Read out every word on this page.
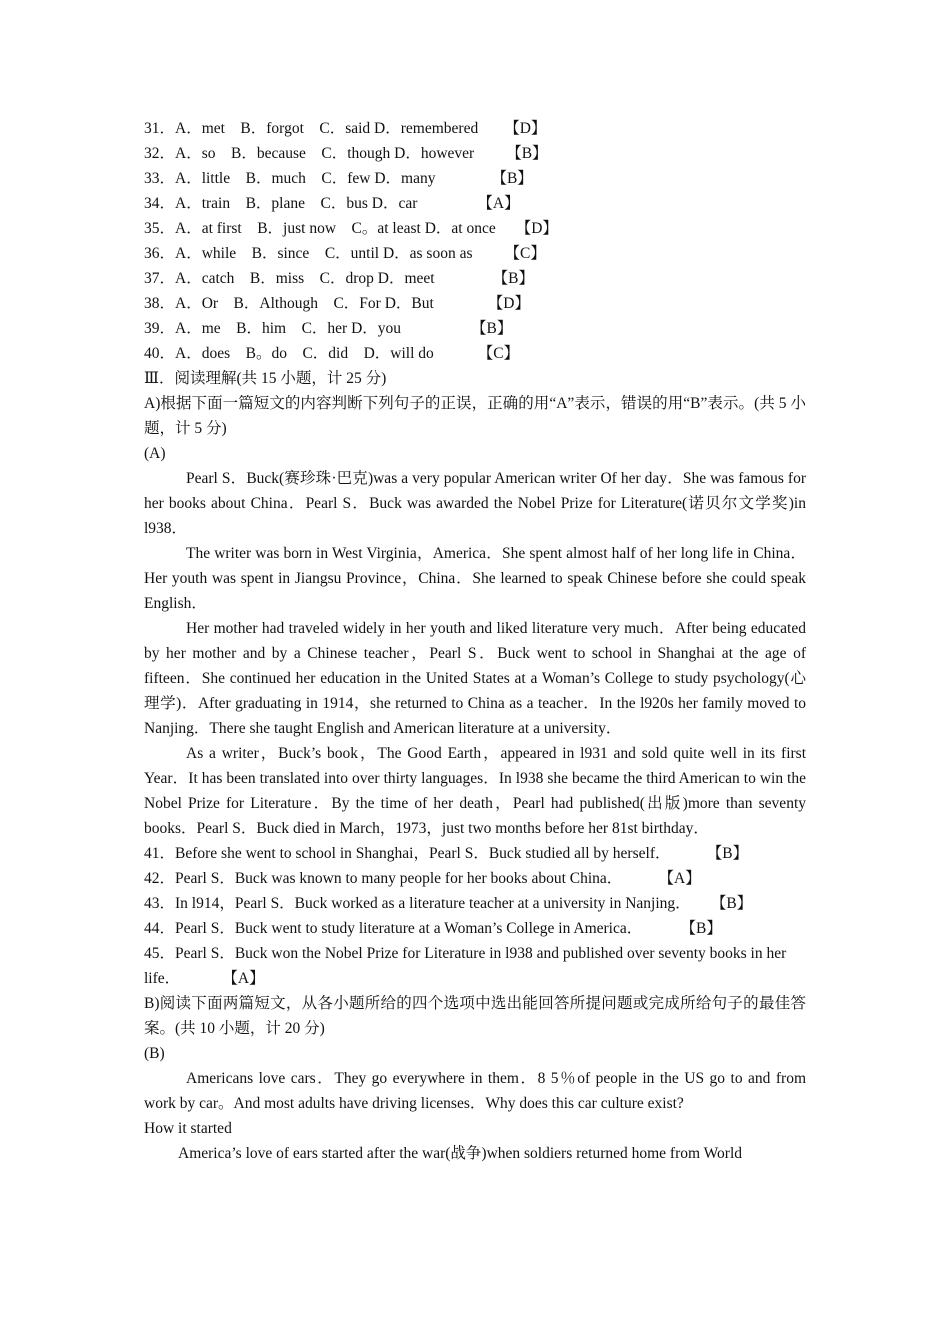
31．A．met    B．forgot    C．said D．remembered 【D】
32．A．so    B．because    C．though D．however 【B】
33．A．little    B．much    C．few D．many	【B】
34．A．train    B．plane    C．bus D．car	【A】
35．A．at first    B．just now    C。at least D．at once 【D】
36．A．while    B．since    C．until D．as soon as 【C】
37．A．catch    B．miss    C．drop D．meet	【B】
38．A．Or    B．Although    C．For D．But	【D】
39．A．me    B．him    C．her D．you	【B】
40．A．does    B。do    C．did    D．will do	【C】
Ⅲ．阅读理解(共 15 小题，计 25 分)

A)根据下面一篇短文的内容判断下列句子的正误，正确的用“A”表示，错误的用“B”表示。(共 5 小题，计 5 分)

(A)

Pearl S．Buck(赛珍珠·巴克)was a very popular American writer Of her day．She was famous for her books about China．Pearl S．Buck was awarded the Nobel Prize for Literature(诺贝尔文学奖)in l938．

The writer was born in West Virginia，America．She spent almost half of her long life in China．Her youth was spent in Jiangsu Province，China．She learned to speak Chinese before she could speak English．

Her mother had traveled widely in her youth and liked literature very much．After being educated by her mother and by a Chinese teacher，Pearl S．Buck went to school in Shanghai at the age of fifteen．She continued her education in the United States at a Woman’s College to study psychology(心理学)．After graduating in 1914，she returned to China as a teacher．In the l920s her family moved to Nanjing．There she taught English and American literature at a university．

As a writer，Buck’s book，The Good Earth，appeared in l931 and sold quite well in its first Year．It has been translated into over thirty languages．In l938 she became the third American to win the Nobel Prize for Literature．By the time of her death，Pearl had published(出版)more than seventy books．Pearl S．Buck died in March，1973，just two months before her 81st birthday．

41．Before she went to school in Shanghai，Pearl S．Buck studied all by herself．	【B】

42．Pearl S．Buck was known to many people for her books about China．	【A】

43．In l914，Pearl S．Buck worked as a literature teacher at a university in Nanjing． 【B】

44．Pearl S．Buck went to study literature at a Woman’s College in America．	【B】

45．Pearl S．Buck won the Nobel Prize for Literature in l938 and published over seventy books in her life．	【A】

B)阅读下面两篇短文，从各小题所给的四个选项中选出能回答所提问题或完成所给句子的最佳答案。(共 10 小题，计 20 分)

(B)

Americans love cars．They go everywhere in them．8 5％of people in the US go to and from work by car。And most adults have driving licenses．Why does this car culture exist?

How it started

America’s love of ears started after the war(战争)when soldiers returned home from World
